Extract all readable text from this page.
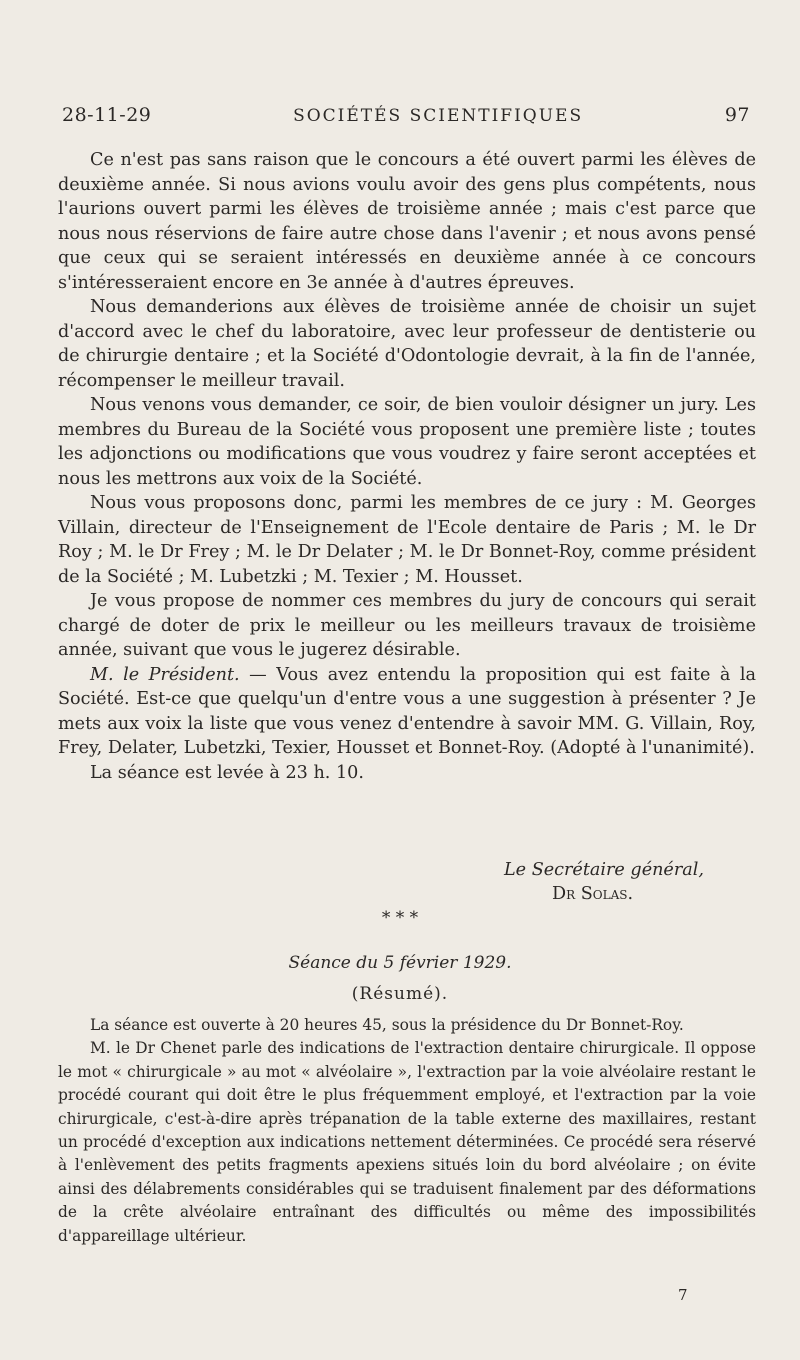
28-11-29	SOCIÉTÉS SCIENTIFIQUES	97

Ce n'est pas sans raison que le concours a été ouvert parmi les élèves de deuxième année. Si nous avions voulu avoir des gens plus compétents, nous l'aurions ouvert parmi les élèves de troisième année ; mais c'est parce que nous nous réservions de faire autre chose dans l'avenir ; et nous avons pensé que ceux qui se seraient intéressés en deuxième année à ce concours s'intéresseraient encore en 3e année à d'autres épreuves.

Nous demanderions aux élèves de troisième année de choisir un sujet d'accord avec le chef du laboratoire, avec leur professeur de dentisterie ou de chirurgie dentaire ; et la Société d'Odontologie devrait, à la fin de l'année, récompenser le meilleur travail.

Nous venons vous demander, ce soir, de bien vouloir désigner un jury. Les membres du Bureau de la Société vous proposent une première liste ; toutes les adjonctions ou modifications que vous voudrez y faire seront acceptées et nous les mettrons aux voix de la Société.

Nous vous proposons donc, parmi les membres de ce jury : M. Georges Villain, directeur de l'Enseignement de l'Ecole dentaire de Paris ; M. le Dr Roy ; M. le Dr Frey ; M. le Dr Delater ; M. le Dr Bonnet-Roy, comme président de la Société ; M. Lubetzki ; M. Texier ; M. Housset.

Je vous propose de nommer ces membres du jury de concours qui serait chargé de doter de prix le meilleur ou les meilleurs travaux de troisième année, suivant que vous le jugerez désirable.

M. le Président. — Vous avez entendu la proposition qui est faite à la Société. Est-ce que quelqu'un d'entre vous a une suggestion à présenter ? Je mets aux voix la liste que vous venez d'entendre à savoir MM. G. Villain, Roy, Frey, Delater, Lubetzki, Texier, Housset et Bonnet-Roy. (Adopté à l'unanimité).

La séance est levée à 23 h. 10.

Le Secrétaire général,
Dr Solas.
* * *
Séance du 5 février 1929.
(Résumé).

La séance est ouverte à 20 heures 45, sous la présidence du Dr Bonnet-Roy.

M. le Dr Chenet parle des indications de l'extraction dentaire chirurgicale. Il oppose le mot « chirurgicale » au mot « alvéolaire », l'extraction par la voie alvéolaire restant le procédé courant qui doit être le plus fréquemment employé, et l'extraction par la voie chirurgicale, c'est-à-dire après trépanation de la table externe des maxillaires, restant un procédé d'exception aux indications nettement déterminées. Ce procédé sera réservé à l'enlèvement des petits fragments apexiens situés loin du bord alvéolaire ; on évite ainsi des délabrements considérables qui se traduisent finalement par des déformations de la crête alvéolaire entraînant des difficultés ou même des impossibilités d'appareillage ultérieur.

7
